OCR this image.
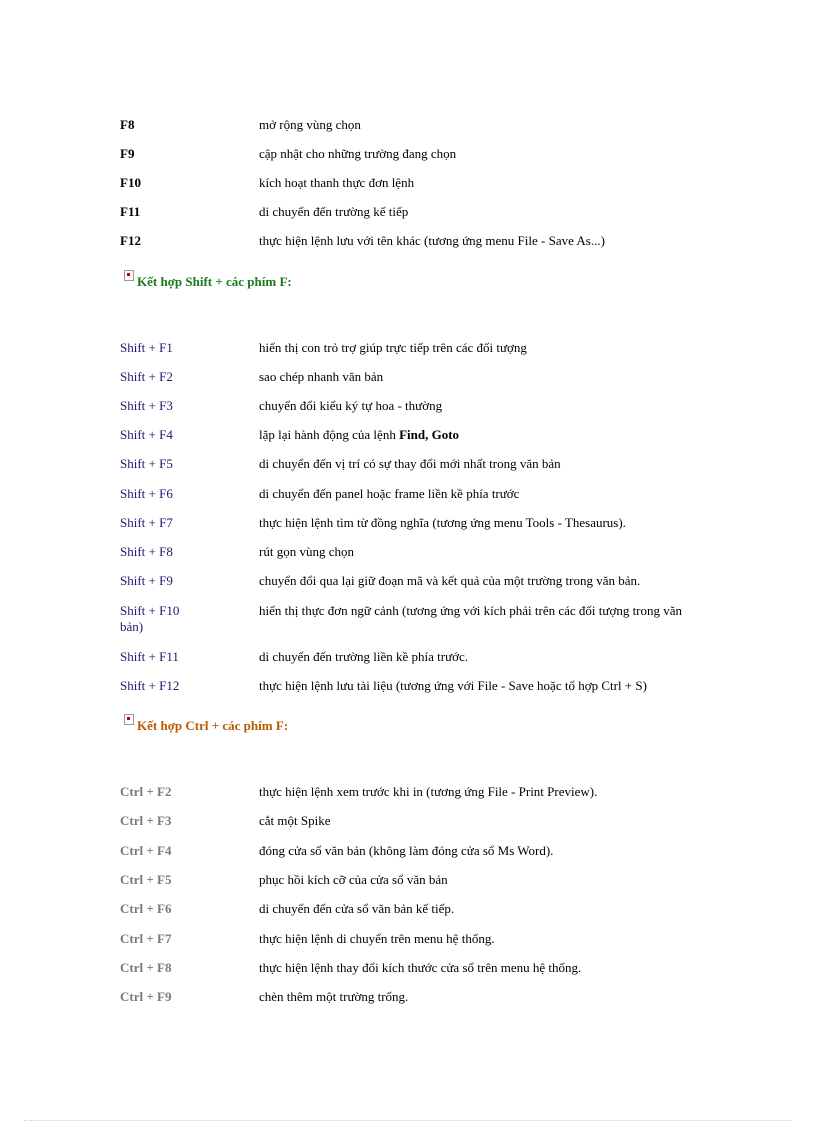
F8	mở rộng vùng chọn
F9	cập nhật cho những trường đang chọn
F10	kích hoạt thanh thực đơn lệnh
F11	di chuyển đến trường kế tiếp
F12	thực hiện lệnh lưu với tên khác (tương ứng menu File - Save As...)
Kết hợp Shift + các phím F:
Shift + F1	hiển thị con trỏ trợ giúp trực tiếp trên các đối tượng
Shift + F2	sao chép nhanh văn bản
Shift + F3	chuyển đổi kiểu ký tự hoa - thường
Shift + F4	lặp lại hành động của lệnh Find, Goto
Shift + F5	di chuyển đến vị trí có sự thay đổi mới nhất trong văn bản
Shift + F6	di chuyển đến panel hoặc frame liền kề phía trước
Shift + F7	thực hiện lệnh tìm từ đồng nghĩa (tương ứng menu Tools - Thesaurus).
Shift + F8	rút gọn vùng chọn
Shift + F9	chuyển đổi qua lại giữ đoạn mã và kết quả của một trường trong văn bản.
Shift + F10	hiển thị thực đơn ngữ cảnh (tương ứng với kích phải trên các đối tượng trong văn
bản)
Shift + F11	di chuyển đến trường liền kề phía trước.
Shift + F12	thực hiện lệnh lưu tài liệu (tương ứng với File - Save hoặc tổ hợp Ctrl + S)
Kết hợp Ctrl + các phím F:
Ctrl + F2	thực hiện lệnh xem trước khi in (tương ứng File - Print Preview).
Ctrl + F3	cắt một Spike
Ctrl + F4	đóng cửa sổ văn bản (không làm đóng cửa sổ Ms Word).
Ctrl + F5	phục hồi kích cỡ của cửa sổ văn bản
Ctrl + F6	di chuyển đến cửa sổ văn bản kế tiếp.
Ctrl + F7	thực hiện lệnh di chuyển trên menu hệ thống.
Ctrl + F8	thực hiện lệnh thay đổi kích thước cửa sổ trên menu hệ thống.
Ctrl + F9	chèn thêm một trường trống.
